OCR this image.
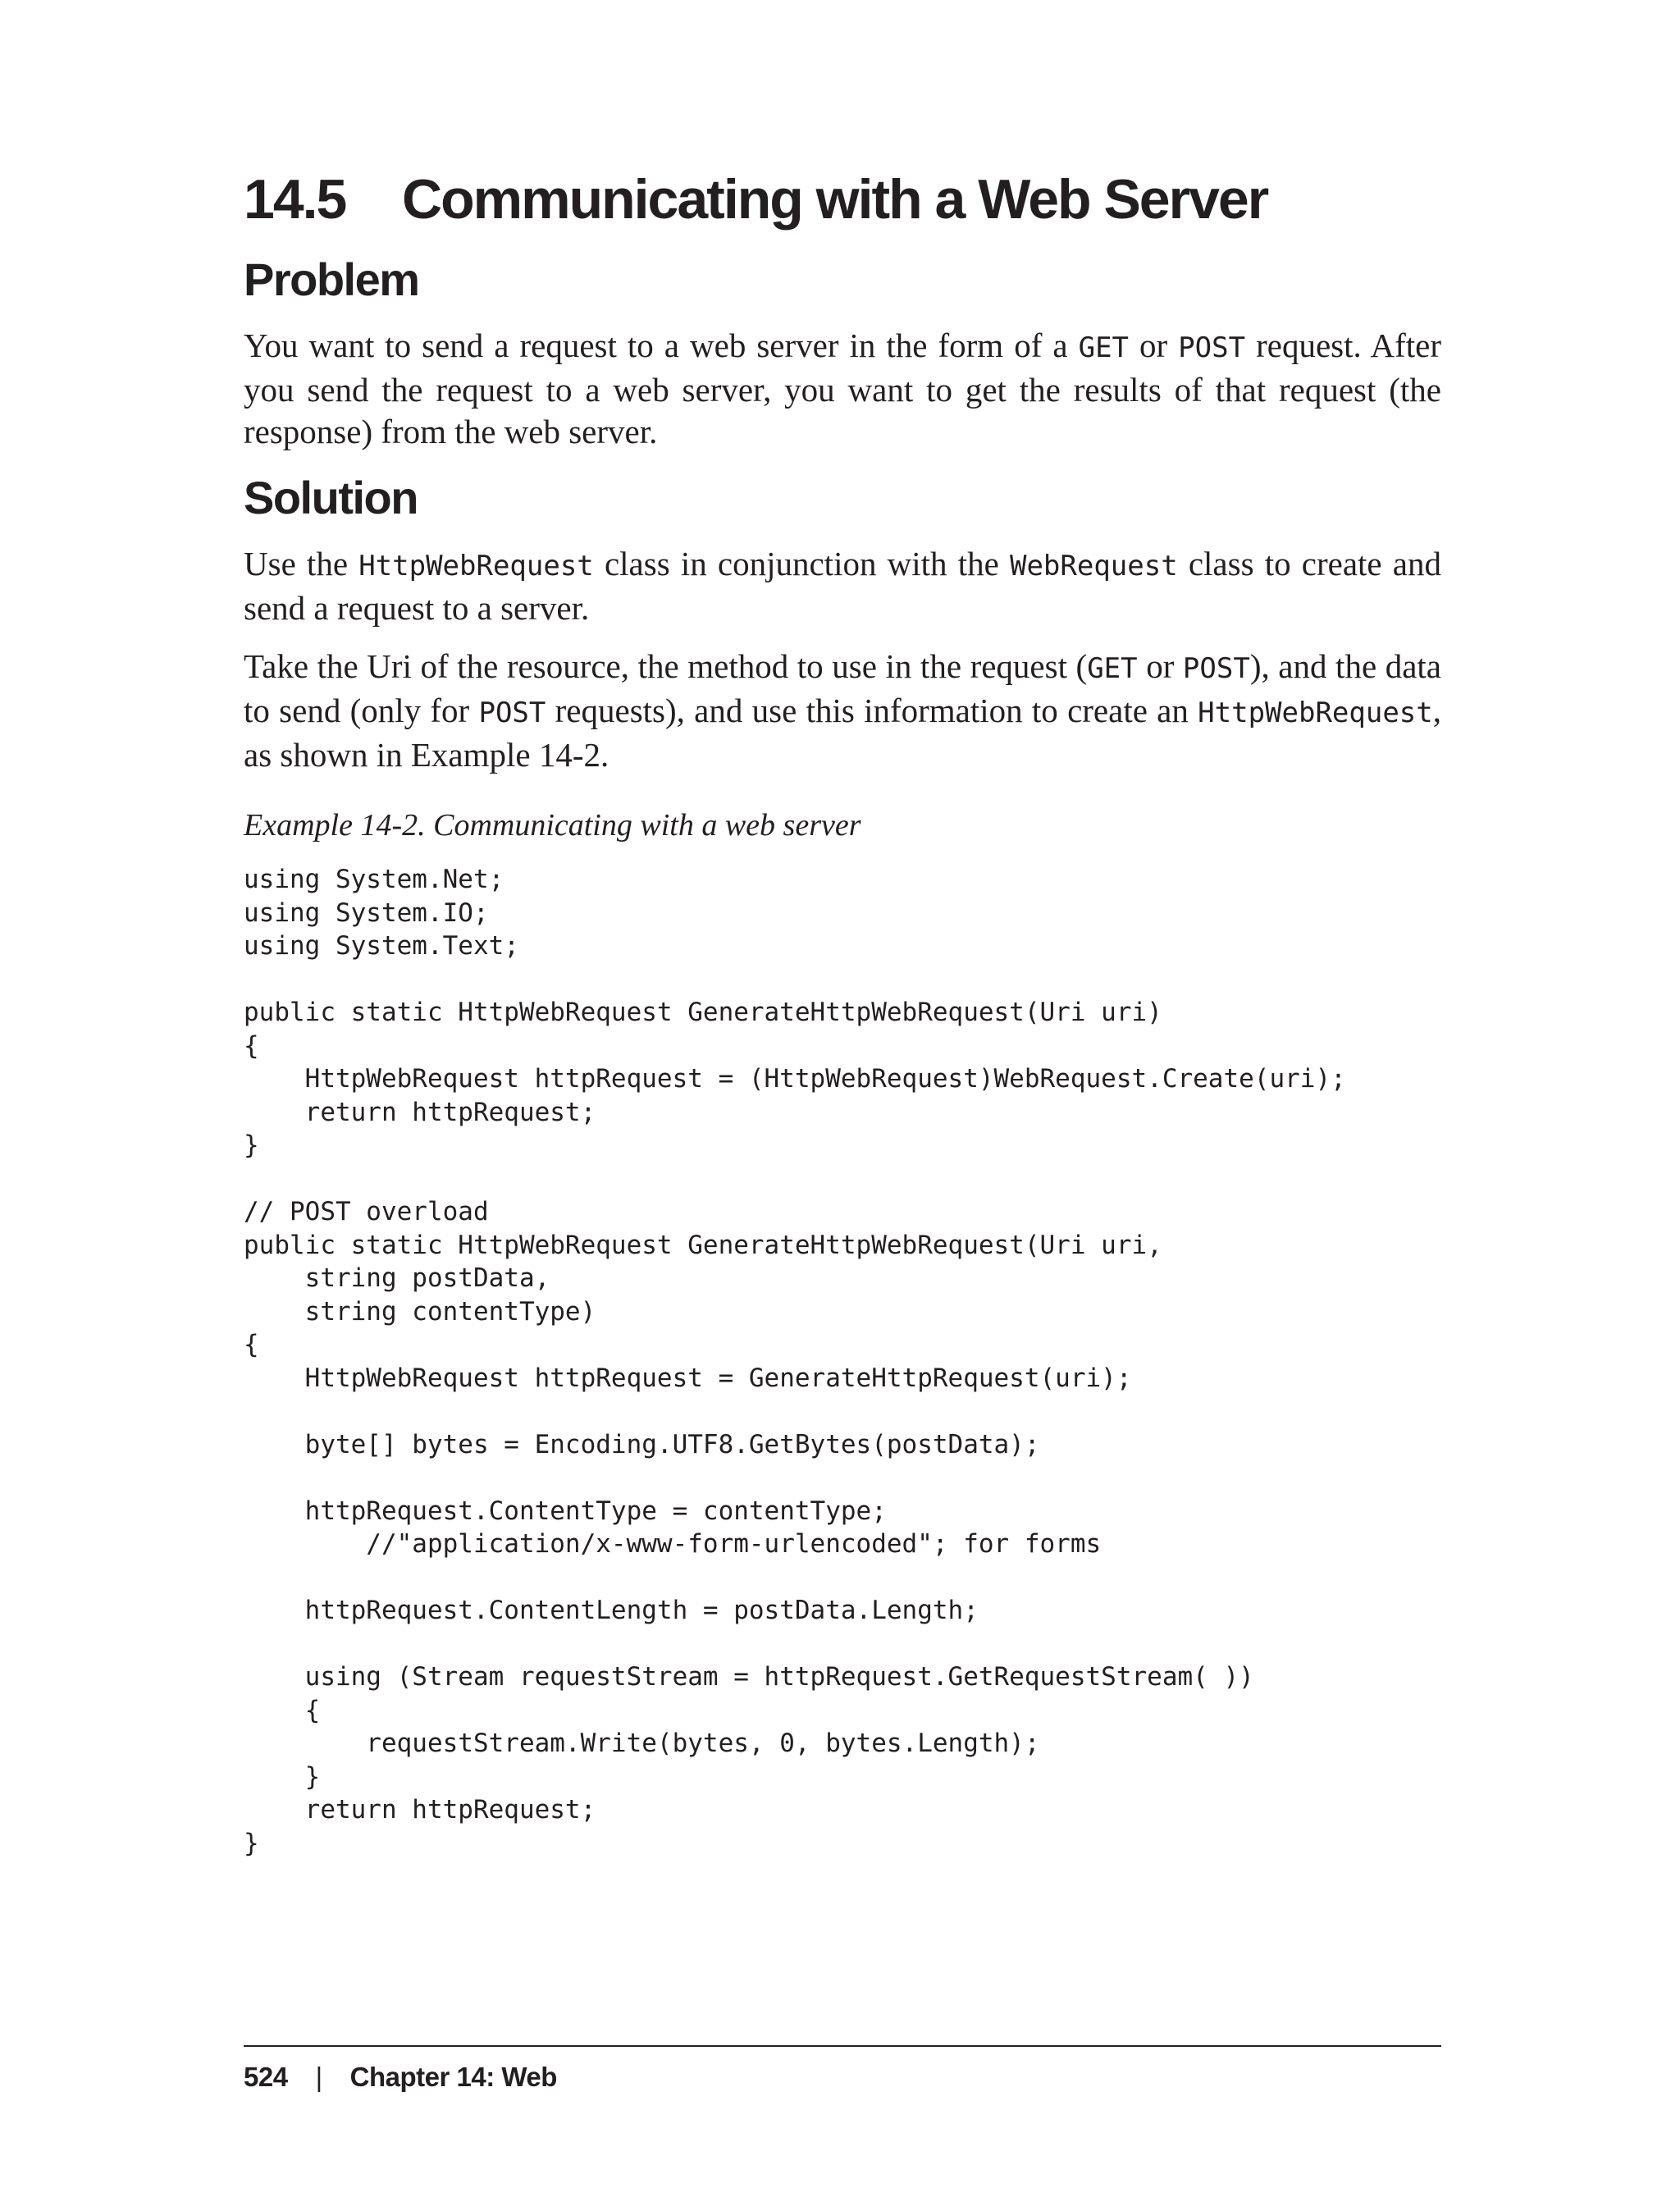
14.5	Communicating with a Web Server
Problem

You want to send a request to a web server in the form of a GET or POST request. After you send the request to a web server, you want to get the results of that request (the response) from the web server.

Solution

Use the HttpWebRequest class in conjunction with the WebRequest class to create and send a request to a server.

Take the Uri of the resource, the method to use in the request (GET or POST), and the data to send (only for POST requests), and use this information to create an HttpWebRequest, as shown in Example 14-2.

Example 14-2. Communicating with a web server
using System.Net;
using System.IO;
using System.Text;

public static HttpWebRequest GenerateHttpWebRequest(Uri uri)
{
HttpWebRequest httpRequest = (HttpWebRequest)WebRequest.Create(uri);
return httpRequest;
}

// POST overload
public static HttpWebRequest GenerateHttpWebRequest(Uri uri,
string postData,
string contentType)
{
HttpWebRequest httpRequest = GenerateHttpRequest(uri);

byte[] bytes = Encoding.UTF8.GetBytes(postData);

httpRequest.ContentType = contentType;
//"application/x-www-form-urlencoded"; for forms

httpRequest.ContentLength = postData.Length;

using (Stream requestStream = httpRequest.GetRequestStream( ))
{
requestStream.Write(bytes, 0, bytes.Length);
}
return httpRequest;
}
524 | Chapter 14: Web
